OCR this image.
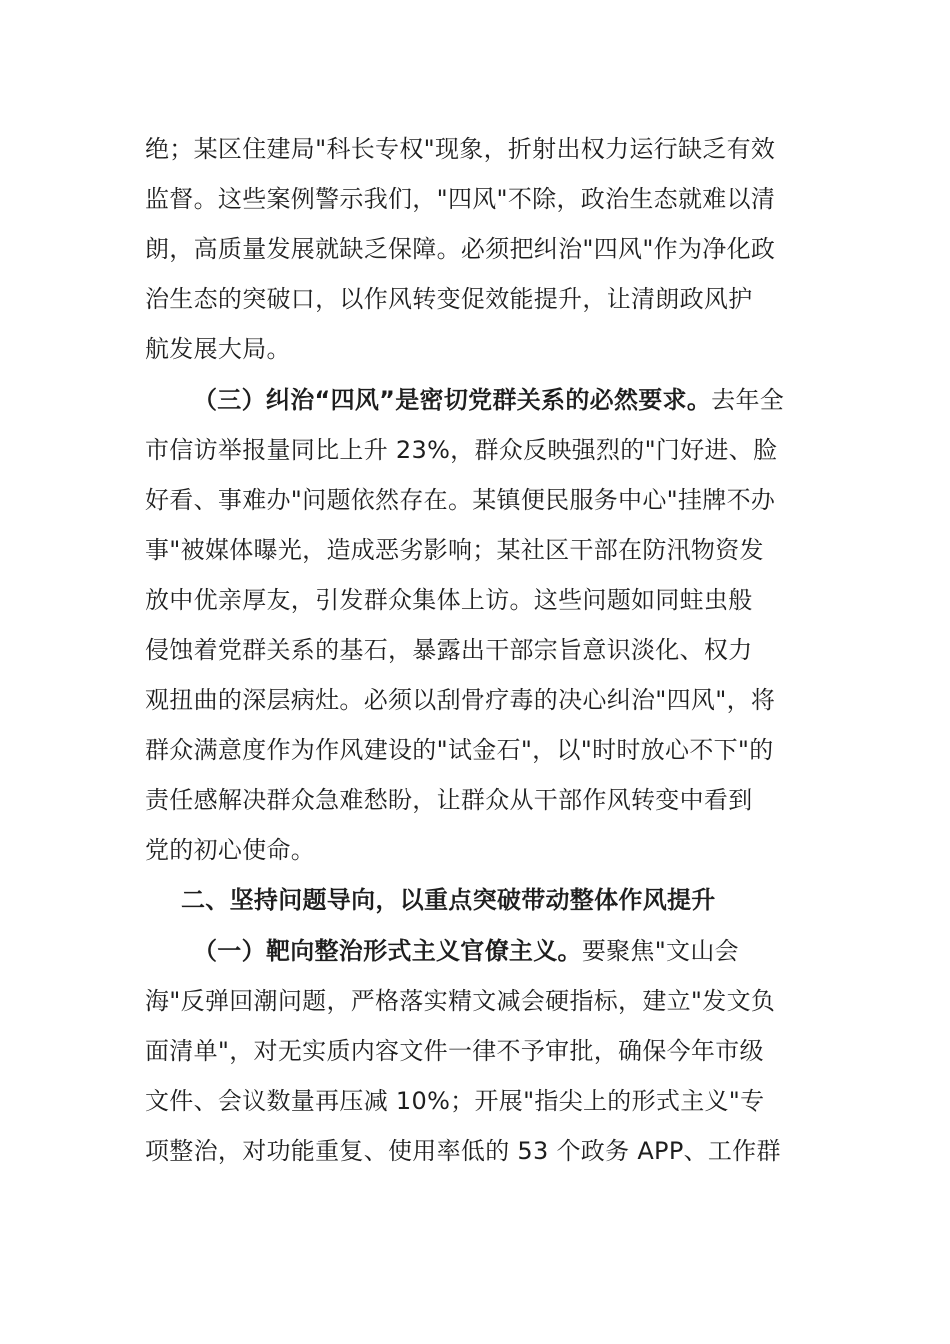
绝；某区住建局"科长专权"现象，折射出权力运行缺乏有效
监督。这些案例警示我们，"四风"不除，政治生态就难以清
朗，高质量发展就缺乏保障。必须把纠治"四风"作为净化政
治生态的突破口，以作风转变促效能提升，让清朗政风护
航发展大局。
（三）纠治“四风”是密切党群关系的必然要求。去年全
市信访举报量同比上升 23%，群众反映强烈的"门好进、脸
好看、事难办"问题依然存在。某镇便民服务中心"挂牌不办
事"被媒体曝光，造成恶劣影响；某社区干部在防汛物资发
放中优亲厚友，引发群众集体上访。这些问题如同蛀虫般
侵蚀着党群关系的基石，暴露出干部宗旨意识淡化、权力
观扭曲的深层病灶。必须以刮骨疗毒的决心纠治"四风"，将
群众满意度作为作风建设的"试金石"，以"时时放心不下"的
责任感解决群众急难愁盼，让群众从干部作风转变中看到
党的初心使命。
二、坚持问题导向，以重点突破带动整体作风提升
（一）靶向整治形式主义官僚主义。要聚焦"文山会
海"反弹回潮问题，严格落实精文减会硬指标，建立"发文负
面清单"，对无实质内容文件一律不予审批，确保今年市级
文件、会议数量再压减 10%；开展"指尖上的形式主义"专
项整治，对功能重复、使用率低的 53 个政务 APP、工作群
